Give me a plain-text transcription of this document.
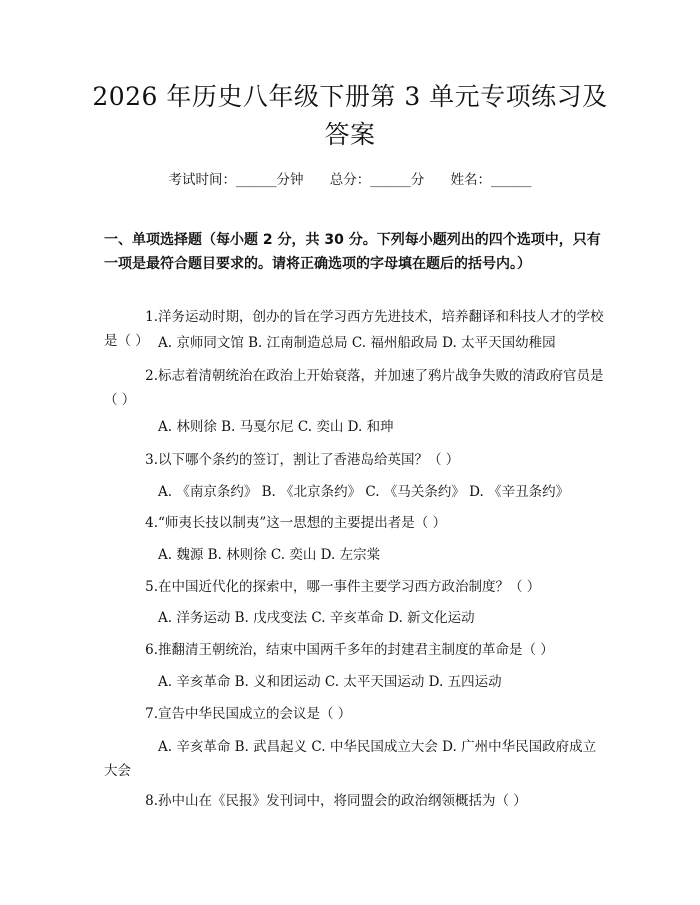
2026 年历史八年级下册第 3 单元专项练习及
答案
考试时间：______分钟 总分：______分 姓名：______
一、单项选择题（每小题 2 分，共 30 分。下列每小题列出的四个选项中，只有一项是最符合题目要求的。请将正确选项的字母填在题后的括号内。）
1.洋务运动时期，创办的旨在学习西方先进技术，培养翻译和科技人才的学校是（ ） A. 京师同文馆 B. 江南制造总局 C. 福州船政局 D. 太平天国幼稚园
2.标志着清朝统治在政治上开始衰落，并加速了鸦片战争失败的清政府官员是（ ）
A. 林则徐 B. 马戛尔尼 C. 奕山 D. 和珅
3.以下哪个条约的签订，割让了香港岛给英国？（ ）
A. 《南京条约》 B. 《北京条约》 C. 《马关条约》 D. 《辛丑条约》
4.“师夷长技以制夷”这一思想的主要提出者是（ ）
A. 魏源 B. 林则徐 C. 奕山 D. 左宗棠
5.在中国近代化的探索中，哪一事件主要学习西方政治制度？（ ）
A. 洋务运动 B. 戊戌变法 C. 辛亥革命 D. 新文化运动
6.推翻清王朝统治，结束中国两千多年的封建君主制度的革命是（ ）
A. 辛亥革命 B. 义和团运动 C. 太平天国运动 D. 五四运动
7.宣告中华民国成立的会议是（ ）
A. 辛亥革命 B. 武昌起义 C. 中华民国成立大会 D. 广州中华民国政府成立大会
8.孙中山在《民报》发刊词中，将同盟会的政治纲领概括为（ ）
